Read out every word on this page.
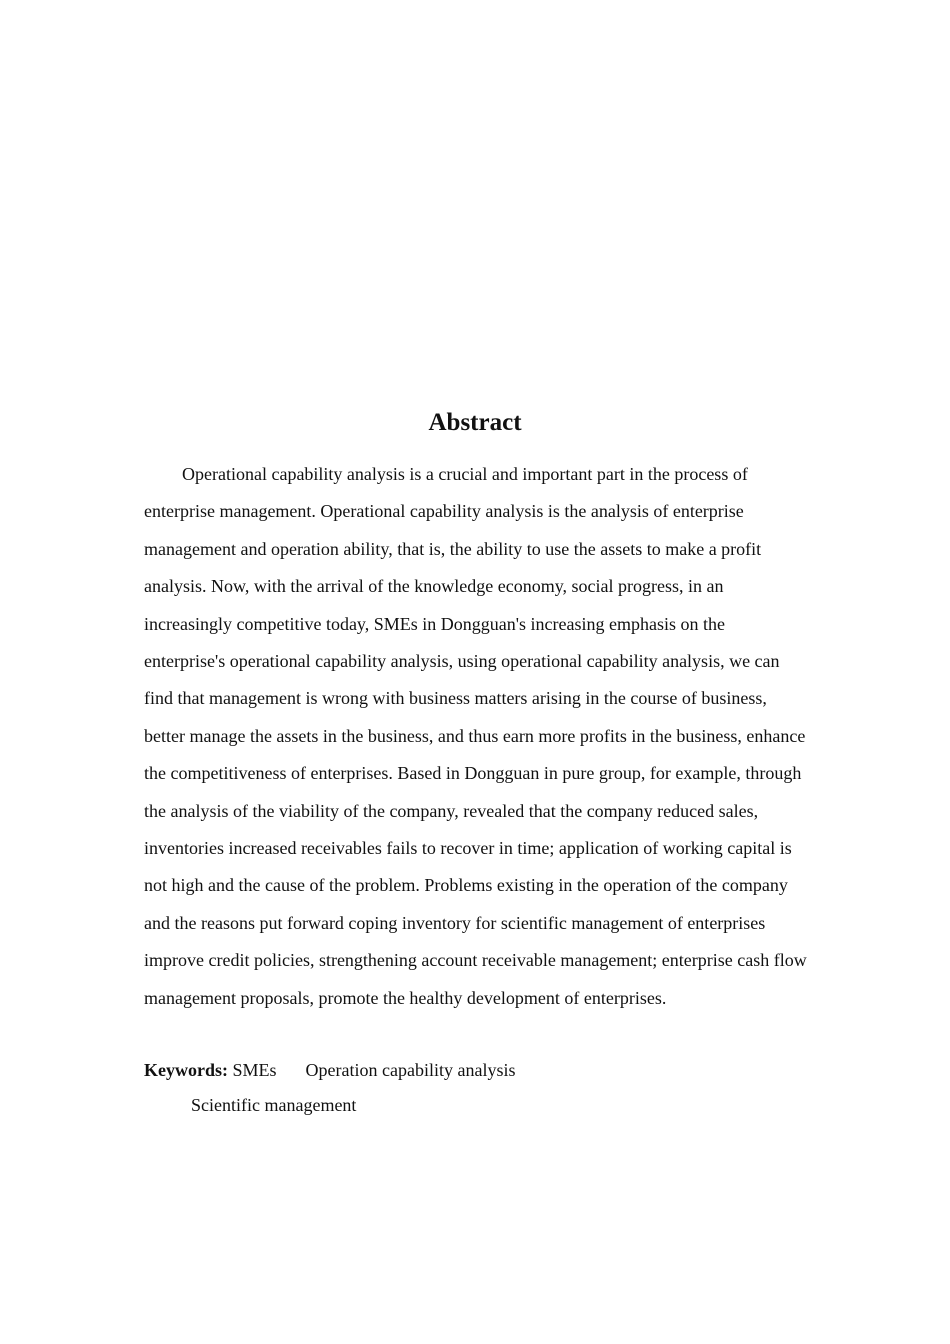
Abstract

Operational capability analysis is a crucial and important part in the process of enterprise management. Operational capability analysis is the analysis of enterprise management and operation ability, that is, the ability to use the assets to make a profit analysis. Now, with the arrival of the knowledge economy, social progress, in an increasingly competitive today, SMEs in Dongguan's increasing emphasis on the enterprise's operational capability analysis, using operational capability analysis, we can find that management is wrong with business matters arising in the course of business, better manage the assets in the business, and thus earn more profits in the business, enhance the competitiveness of enterprises. Based in Dongguan in pure group, for example, through the analysis of the viability of the company, revealed that the company reduced sales, inventories increased receivables fails to recover in time; application of working capital is not high and the cause of the problem. Problems existing in the operation of the company and the reasons put forward coping inventory for scientific management of enterprises improve credit policies, strengthening account receivable management; enterprise cash flow management proposals, promote the healthy development of enterprises.

Keywords: SMEs Operation capability analysis

Scientific management
